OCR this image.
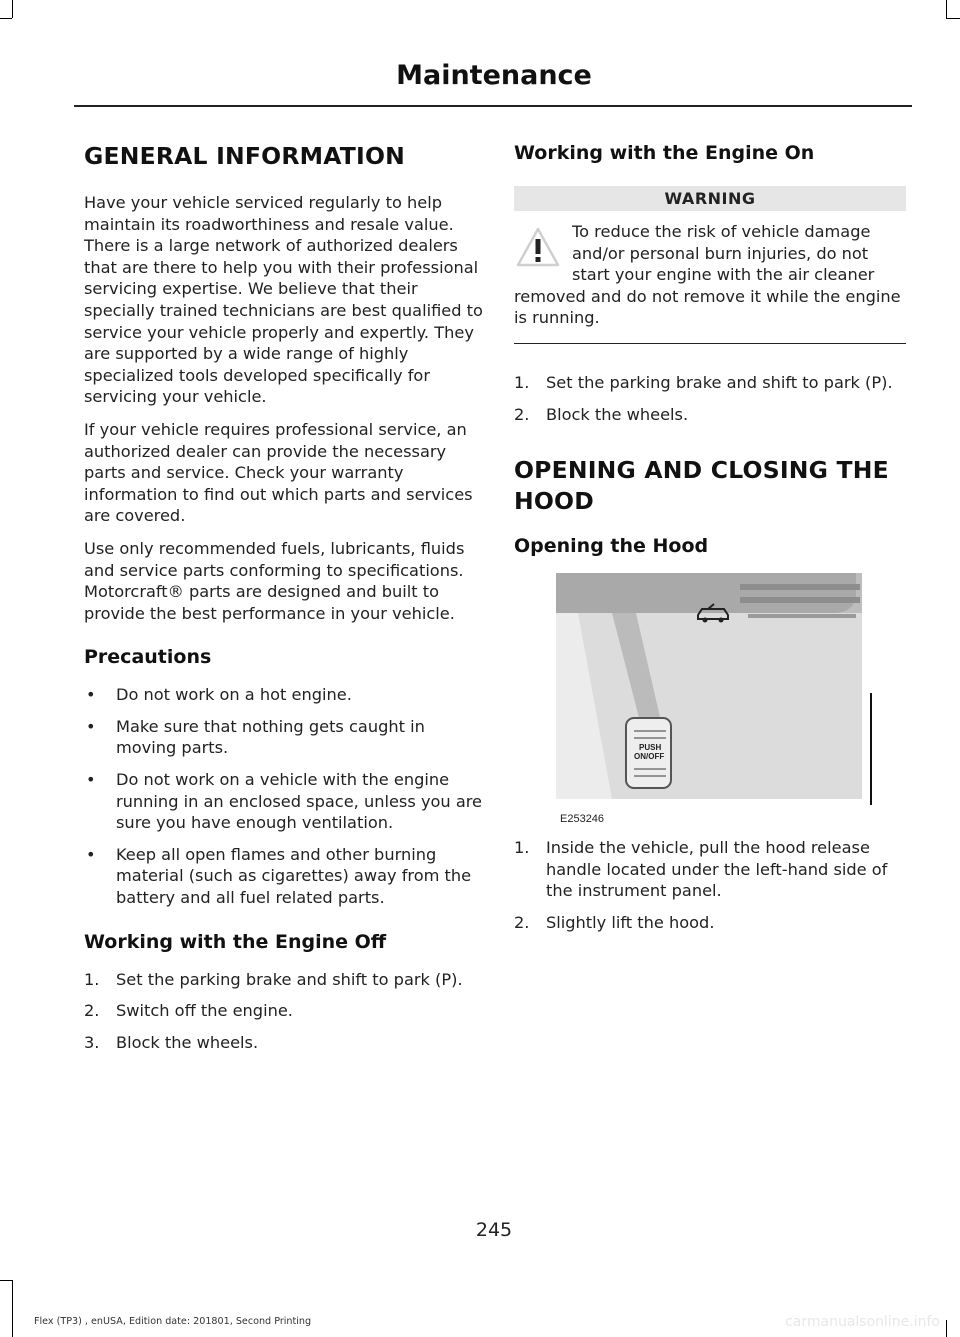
Maintenance
GENERAL INFORMATION

Have your vehicle serviced regularly to help maintain its roadworthiness and resale value. There is a large network of authorized dealers that are there to help you with their professional servicing expertise. We believe that their specially trained technicians are best qualified to service your vehicle properly and expertly. They are supported by a wide range of highly specialized tools developed specifically for servicing your vehicle.

If your vehicle requires professional service, an authorized dealer can provide the necessary parts and service. Check your warranty information to find out which parts and services are covered.

Use only recommended fuels, lubricants, fluids and service parts conforming to specifications. Motorcraft® parts are designed and built to provide the best performance in your vehicle.

Precautions
• Do not work on a hot engine.
• Make sure that nothing gets caught in moving parts.
• Do not work on a vehicle with the engine running in an enclosed space, unless you are sure you have enough ventilation.
• Keep all open flames and other burning material (such as cigarettes) away from the battery and all fuel related parts.
Working with the Engine Off
1. Set the parking brake and shift to park (P).
2. Switch off the engine.
3. Block the wheels.
Working with the Engine On
WARNING
To reduce the risk of vehicle damage and/or personal burn injuries, do not start your engine with the air cleaner removed and do not remove it while the engine is running.
1. Set the parking brake and shift to park (P).
2. Block the wheels.
OPENING AND CLOSING THE HOOD
Opening the Hood
PUSH
ON/OFF
E253246
1. Inside the vehicle, pull the hood release handle located under the left-hand side of the instrument panel.
2. Slightly lift the hood.
245
Flex (TP3) , enUSA, Edition date: 201801, Second Printing	carmanualsonline.info
